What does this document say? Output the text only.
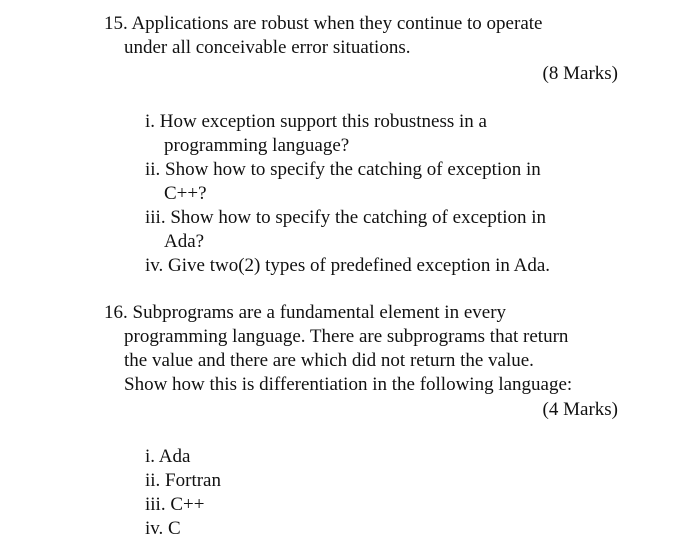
15. Applications are robust when they continue to operate

under all conceivable error situations.

(8 Marks)

i. How exception support this robustness in a

programming language?

ii. Show how to specify the catching of exception in

C++?

iii. Show how to specify the catching of exception in

Ada?

iv. Give two(2) types of predefined exception in Ada.

16. Subprograms are a fundamental element in every

programming language. There are subprograms that return

the value and there are which did not return the value.

Show how this is differentiation in the following language:

(4 Marks)

i. Ada

ii. Fortran

iii. C++

iv. C
